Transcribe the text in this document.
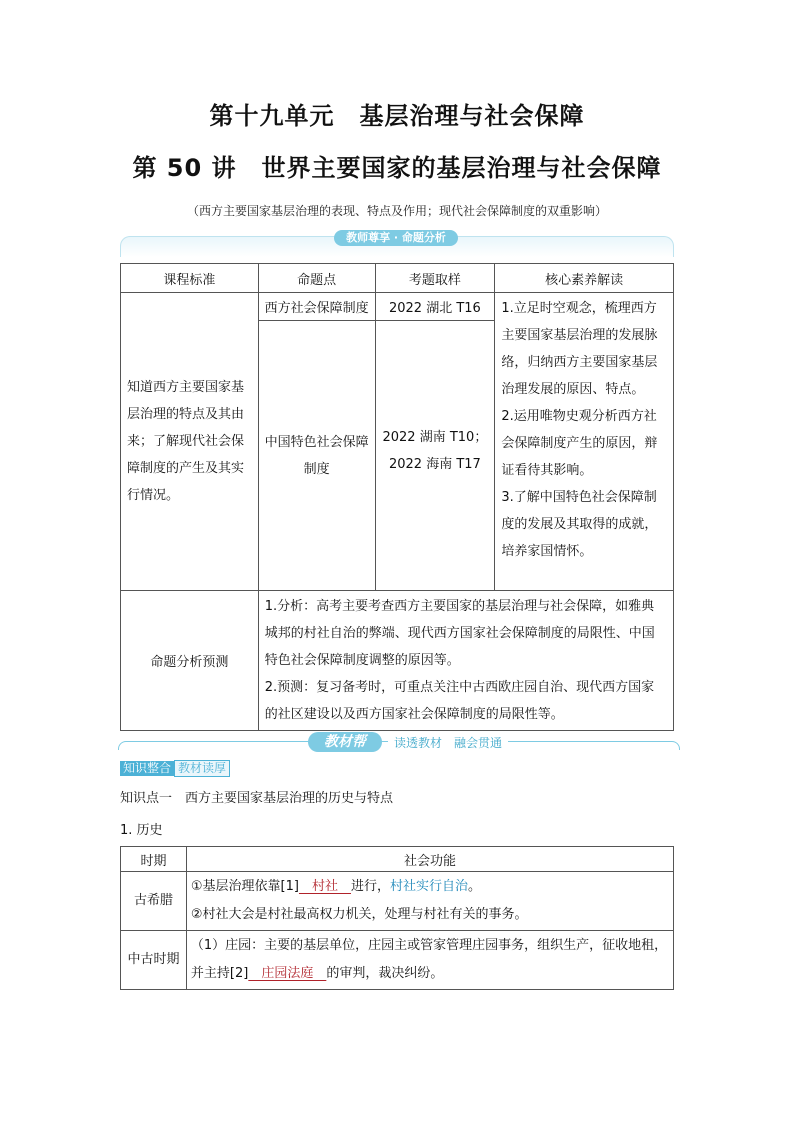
第十九单元　基层治理与社会保障
第 50 讲　世界主要国家的基层治理与社会保障
（西方主要国家基层治理的表现、特点及作用；现代社会保障制度的双重影响）
教师尊享 · 命题分析
课程标准	命题点	考题取样	核心素养解读
知道西方主要国家基层治理的特点及其由来；了解现代社会保障制度的产生及其实行情况。	西方社会保障制度	2022 湖北 T16	1.立足时空观念，梳理西方主要国家基层治理的发展脉络，归纳西方主要国家基层治理发展的原因、特点。
2.运用唯物史观分析西方社会保障制度产生的原因，辩证看待其影响。
3.了解中国特色社会保障制度的发展及其取得的成就，培养家国情怀。

	中国特色社会保障制度	2022 湖南 T10；
2022 海南 T17	

命题分析预测	1.分析：高考主要考查西方主要国家的基层治理与社会保障，如雅典城邦的村社自治的弊端、现代西方国家社会保障制度的局限性、中国特色社会保障制度调整的原因等。
2.预测：复习备考时，可重点关注中古西欧庄园自治、现代西方国家的社区建设以及西方国家社会保障制度的局限性等。		
教材帮	读透教材　融会贯通
知识整合 教材读厚
知识点一　西方主要国家基层治理的历史与特点
1. 历史
时期	社会功能
古希腊	①基层治理依靠[1]　村社　进行，村社实行自治。
②村社大会是村社最高权力机关，处理与村社有关的事务。

中古时期	（1）庄园：主要的基层单位，庄园主或管家管理庄园事务，组织生产，征收地租，并主持[2]　庄园法庭　的审判，裁决纠纷。
